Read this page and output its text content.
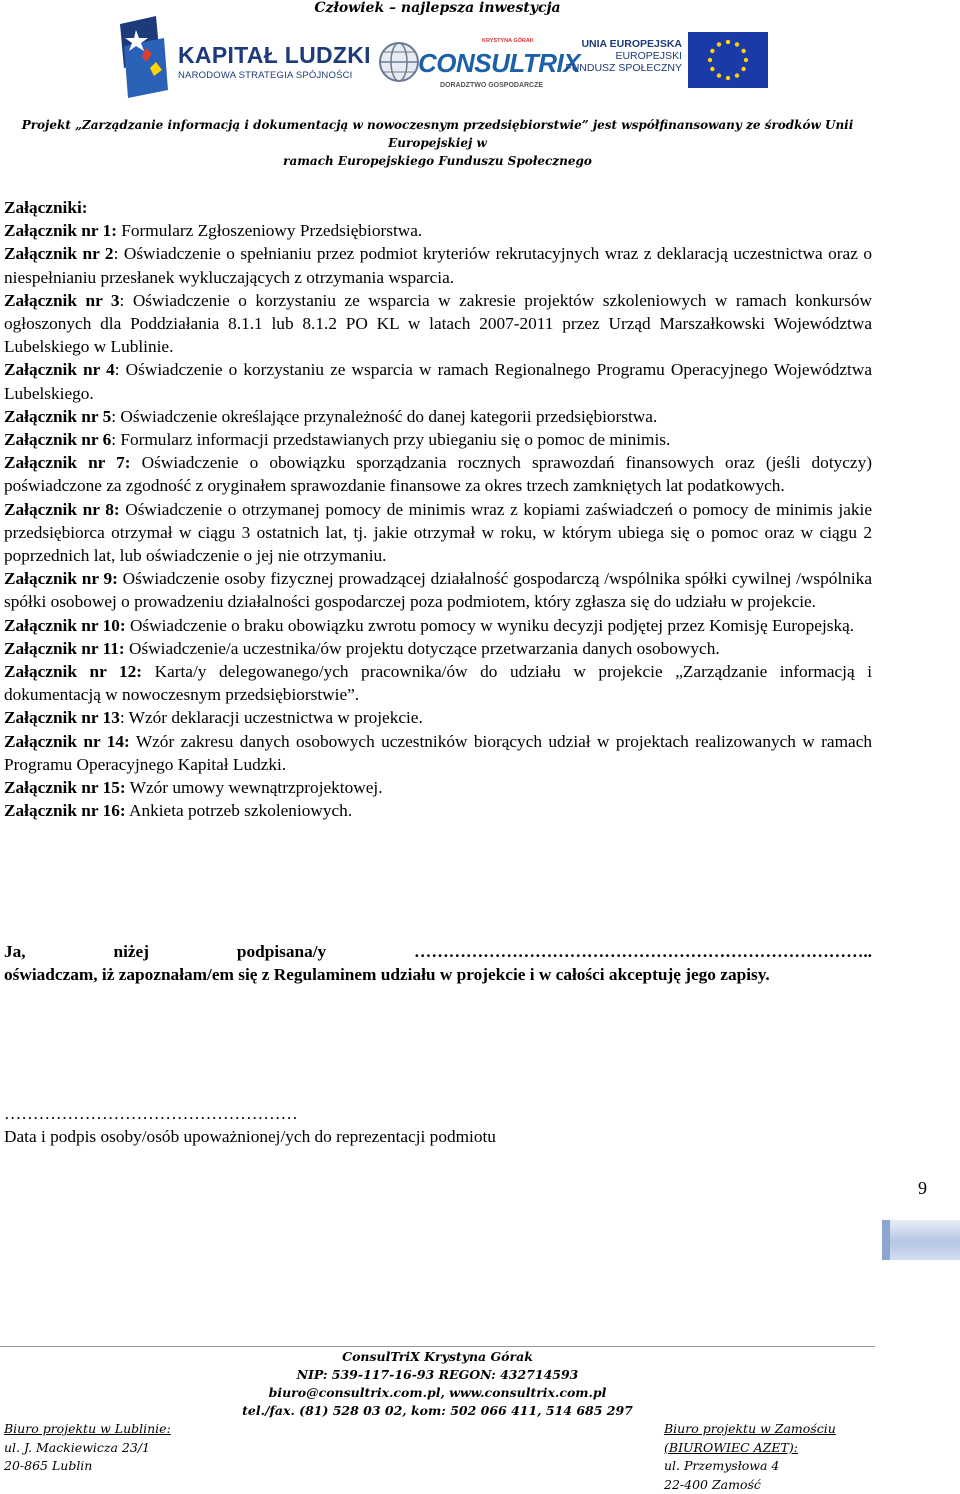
Człowiek – najlepsza inwestycja
KAPITAŁ LUDZKI
NARODOWA STRATEGIA SPÓJNOŚCI
KRYSTYNA GÓRAK
CONSULTRIX
DORADZTWO GOSPODARCZE
UNIA EUROPEJSKA
EUROPEJSKI
FUNDUSZ SPOŁECZNY
Projekt „Zarządzanie informacją i dokumentacją w nowoczesnym przedsiębiorstwie” jest współfinansowany ze środków Unii Europejskiej w
ramach Europejskiego Funduszu Społecznego

Załączniki:

Załącznik nr 1: Formularz Zgłoszeniowy Przedsiębiorstwa.

Załącznik nr 2: Oświadczenie o spełnianiu przez podmiot kryteriów rekrutacyjnych wraz z deklaracją uczestnictwa oraz o niespełnianiu przesłanek wykluczających z otrzymania wsparcia.

Załącznik nr 3: Oświadczenie o korzystaniu ze wsparcia w zakresie projektów szkoleniowych w ramach konkursów ogłoszonych dla Poddziałania 8.1.1 lub 8.1.2 PO KL w latach 2007-2011 przez Urząd Marszałkowski Województwa Lubelskiego w Lublinie.

Załącznik nr 4: Oświadczenie o korzystaniu ze wsparcia w ramach Regionalnego Programu Operacyjnego Województwa Lubelskiego.

Załącznik nr 5: Oświadczenie określające przynależność do danej kategorii przedsiębiorstwa.

Załącznik nr 6: Formularz informacji przedstawianych przy ubieganiu się o pomoc de minimis.

Załącznik nr 7: Oświadczenie o obowiązku sporządzania rocznych sprawozdań finansowych oraz (jeśli dotyczy) poświadczone za zgodność z oryginałem sprawozdanie finansowe za okres trzech zamkniętych lat podatkowych.

Załącznik nr 8: Oświadczenie o otrzymanej pomocy de minimis wraz z kopiami zaświadczeń o pomocy de minimis jakie przedsiębiorca otrzymał w ciągu 3 ostatnich lat, tj. jakie otrzymał w roku, w którym ubiega się o pomoc oraz w ciągu 2 poprzednich lat, lub oświadczenie o jej nie otrzymaniu.

Załącznik nr 9: Oświadczenie osoby fizycznej prowadzącej działalność gospodarczą /wspólnika spółki cywilnej /wspólnika spółki osobowej o prowadzeniu działalności gospodarczej poza podmiotem, który zgłasza się do udziału w projekcie.

Załącznik nr 10: Oświadczenie o braku obowiązku zwrotu pomocy w wyniku decyzji podjętej przez Komisję Europejską.

Załącznik nr 11: Oświadczenie/a uczestnika/ów projektu dotyczące przetwarzania danych osobowych.

Załącznik nr 12: Karta/y delegowanego/ych pracownika/ów do udziału w projekcie „Zarządzanie informacją i dokumentacją w nowoczesnym przedsiębiorstwie”.

Załącznik nr 13: Wzór deklaracji uczestnictwa w projekcie.

Załącznik nr 14: Wzór zakresu danych osobowych uczestników biorących udział w projektach realizowanych w ramach Programu Operacyjnego Kapitał Ludzki.

Załącznik nr 15: Wzór umowy wewnątrzprojektowej.

Załącznik nr 16: Ankieta potrzeb szkoleniowych.

Ja,	niżej	podpisana/y	……………………………………………………………………..
oświadczam, iż zapoznałam/em się z Regulaminem udziału w projekcie i w całości akceptuję jego zapisy.
……………………………………………
Data i podpis osoby/osób upoważnionej/ych do reprezentacji podmiotu
9
ConsulTriX Krystyna Górak
NIP: 539-117-16-93 REGON: 432714593
biuro@consultrix.com.pl, www.consultrix.com.pl
tel./fax. (81) 528 03 02, kom: 502 066 411, 514 685 297
Biuro projektu w Lublinie:
ul. J. Mackiewicza 23/1
20-865 Lublin
Biuro projektu w Zamościu
(BIUROWIEC AZET):
ul. Przemysłowa 4
22-400 Zamość
